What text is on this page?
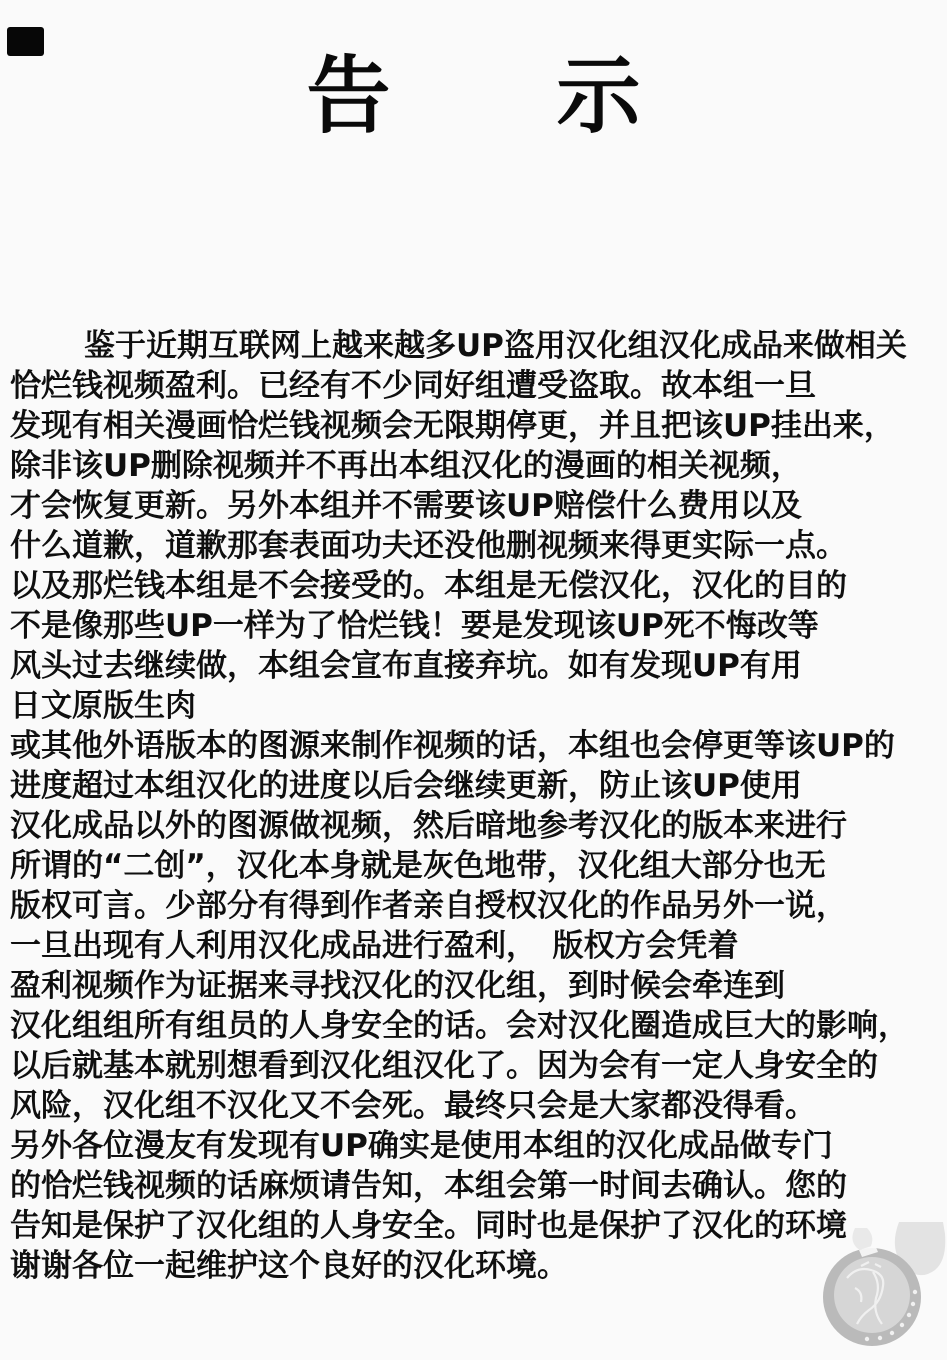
告 示
鉴于近期互联网上越来越多UP盗用汉化组汉化成品来做相关
恰烂钱视频盈利。已经有不少同好组遭受盗取。故本组一旦
发现有相关漫画恰烂钱视频会无限期停更，并且把该UP挂出来，
除非该UP删除视频并不再出本组汉化的漫画的相关视频，
才会恢复更新。另外本组并不需要该UP赔偿什么费用以及
什么道歉，道歉那套表面功夫还没他删视频来得更实际一点。
以及那烂钱本组是不会接受的。本组是无偿汉化，汉化的目的
不是像那些UP一样为了恰烂钱！要是发现该UP死不悔改等
风头过去继续做，本组会宣布直接弃坑。如有发现UP有用
日文原版生肉
或其他外语版本的图源来制作视频的话，本组也会停更等该UP的
进度超过本组汉化的进度以后会继续更新，防止该UP使用
汉化成品以外的图源做视频，然后暗地参考汉化的版本来进行
所谓的“二创”，汉化本身就是灰色地带，汉化组大部分也无
版权可言。少部分有得到作者亲自授权汉化的作品另外一说，
一旦出现有人利用汉化成品进行盈利，　版权方会凭着
盈利视频作为证据来寻找汉化的汉化组，到时候会牵连到
汉化组组所有组员的人身安全的话。会对汉化圈造成巨大的影响，
以后就基本就别想看到汉化组汉化了。因为会有一定人身安全的
风险，汉化组不汉化又不会死。最终只会是大家都没得看。
另外各位漫友有发现有UP确实是使用本组的汉化成品做专门
的恰烂钱视频的话麻烦请告知，本组会第一时间去确认。您的
告知是保护了汉化组的人身安全。同时也是保护了汉化的环境
谢谢各位一起维护这个良好的汉化环境。
